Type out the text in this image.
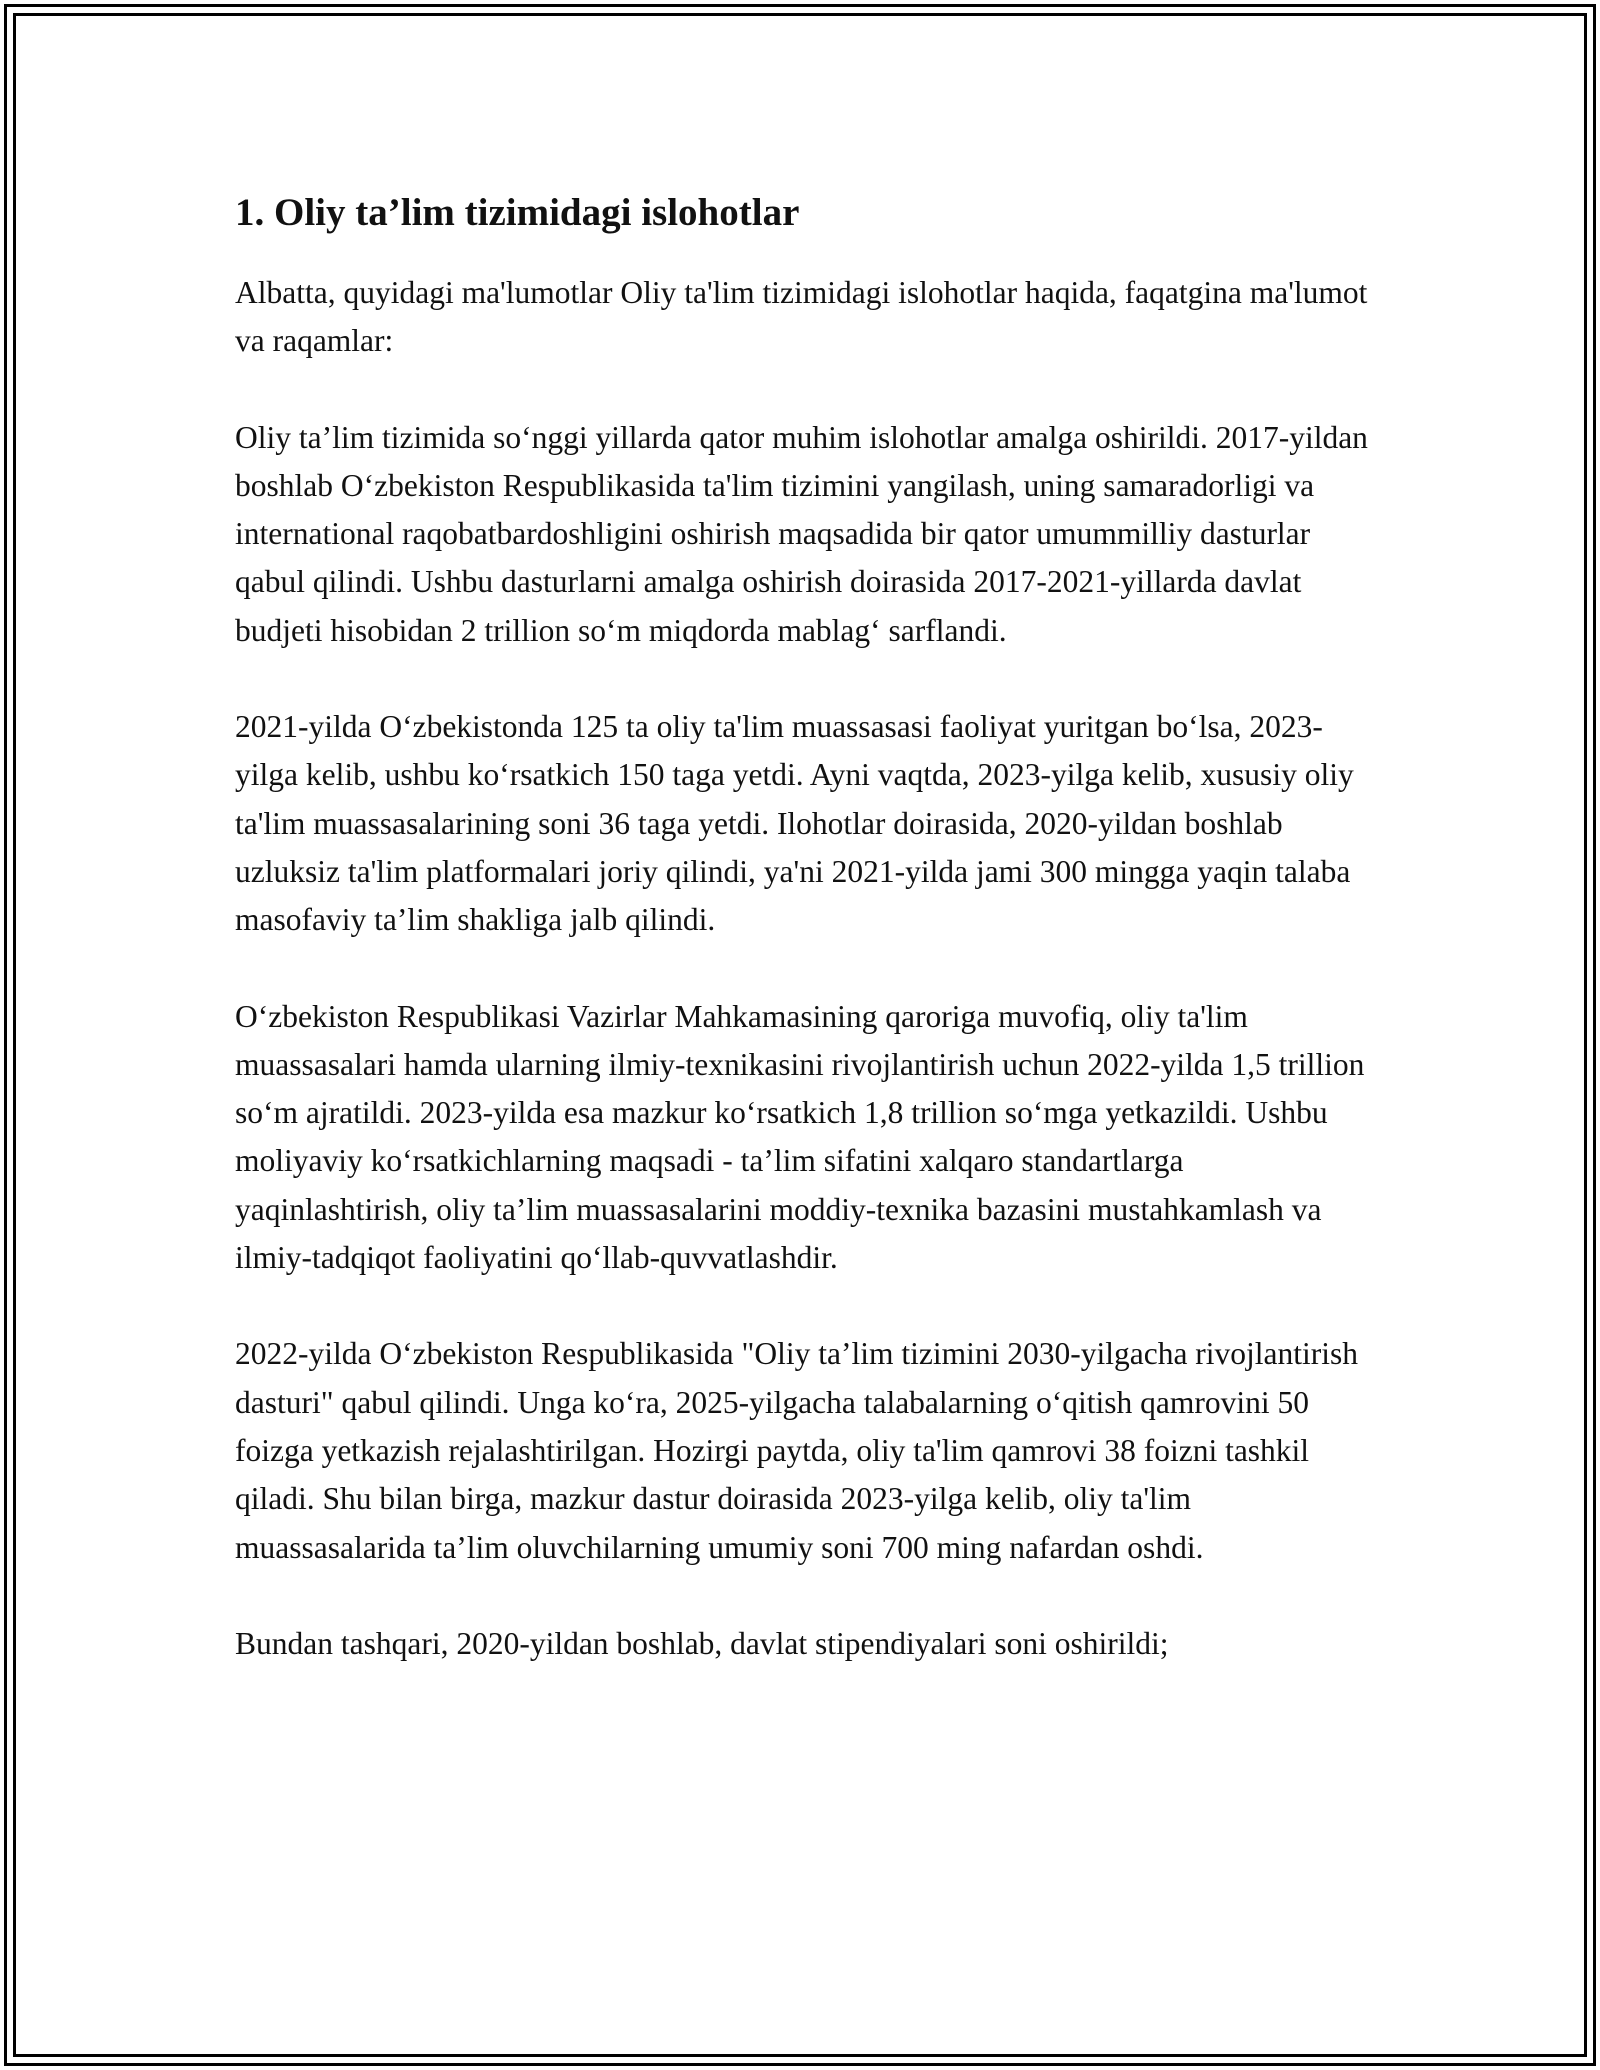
1. Oliy ta’lim tizimidagi islohotlar

Albatta, quyidagi ma'lumotlar Oliy ta'lim tizimidagi islohotlar haqida, faqatgina ma'lumot va raqamlar:

Oliy ta’lim tizimida so‘nggi yillarda qator muhim islohotlar amalga oshirildi. 2017-yildan boshlab O‘zbekiston Respublikasida ta'lim tizimini yangilash, uning samaradorligi va international raqobatbardoshligini oshirish maqsadida bir qator umummilliy dasturlar qabul qilindi. Ushbu dasturlarni amalga oshirish doirasida 2017-2021-yillarda davlat budjeti hisobidan 2 trillion so‘m miqdorda mablag‘ sarflandi.

2021-yilda O‘zbekistonda 125 ta oliy ta'lim muassasasi faoliyat yuritgan bo‘lsa, 2023-yilga kelib, ushbu ko‘rsatkich 150 taga yetdi. Ayni vaqtda, 2023-yilga kelib, xususiy oliy ta'lim muassasalarining soni 36 taga yetdi. Ilohotlar doirasida, 2020-yildan boshlab uzluksiz ta'lim platformalari joriy qilindi, ya'ni 2021-yilda jami 300 mingga yaqin talaba masofaviy ta’lim shakliga jalb qilindi.

O‘zbekiston Respublikasi Vazirlar Mahkamasining qaroriga muvofiq, oliy ta'lim muassasalari hamda ularning ilmiy-texnikasini rivojlantirish uchun 2022-yilda 1,5 trillion so‘m ajratildi. 2023-yilda esa mazkur ko‘rsatkich 1,8 trillion so‘mga yetkazildi. Ushbu moliyaviy ko‘rsatkichlarning maqsadi - ta’lim sifatini xalqaro standartlarga yaqinlashtirish, oliy ta’lim muassasalarini moddiy-texnika bazasini mustahkamlash va ilmiy-tadqiqot faoliyatini qo‘llab-quvvatlashdir.

2022-yilda O‘zbekiston Respublikasida "Oliy ta’lim tizimini 2030-yilgacha rivojlantirish dasturi" qabul qilindi. Unga ko‘ra, 2025-yilgacha talabalarning o‘qitish qamrovini 50 foizga yetkazish rejalashtirilgan. Hozirgi paytda, oliy ta'lim qamrovi 38 foizni tashkil qiladi. Shu bilan birga, mazkur dastur doirasida 2023-yilga kelib, oliy ta'lim muassasalarida ta’lim oluvchilarning umumiy soni 700 ming nafardan oshdi.

Bundan tashqari, 2020-yildan boshlab, davlat stipendiyalari soni oshirildi;
